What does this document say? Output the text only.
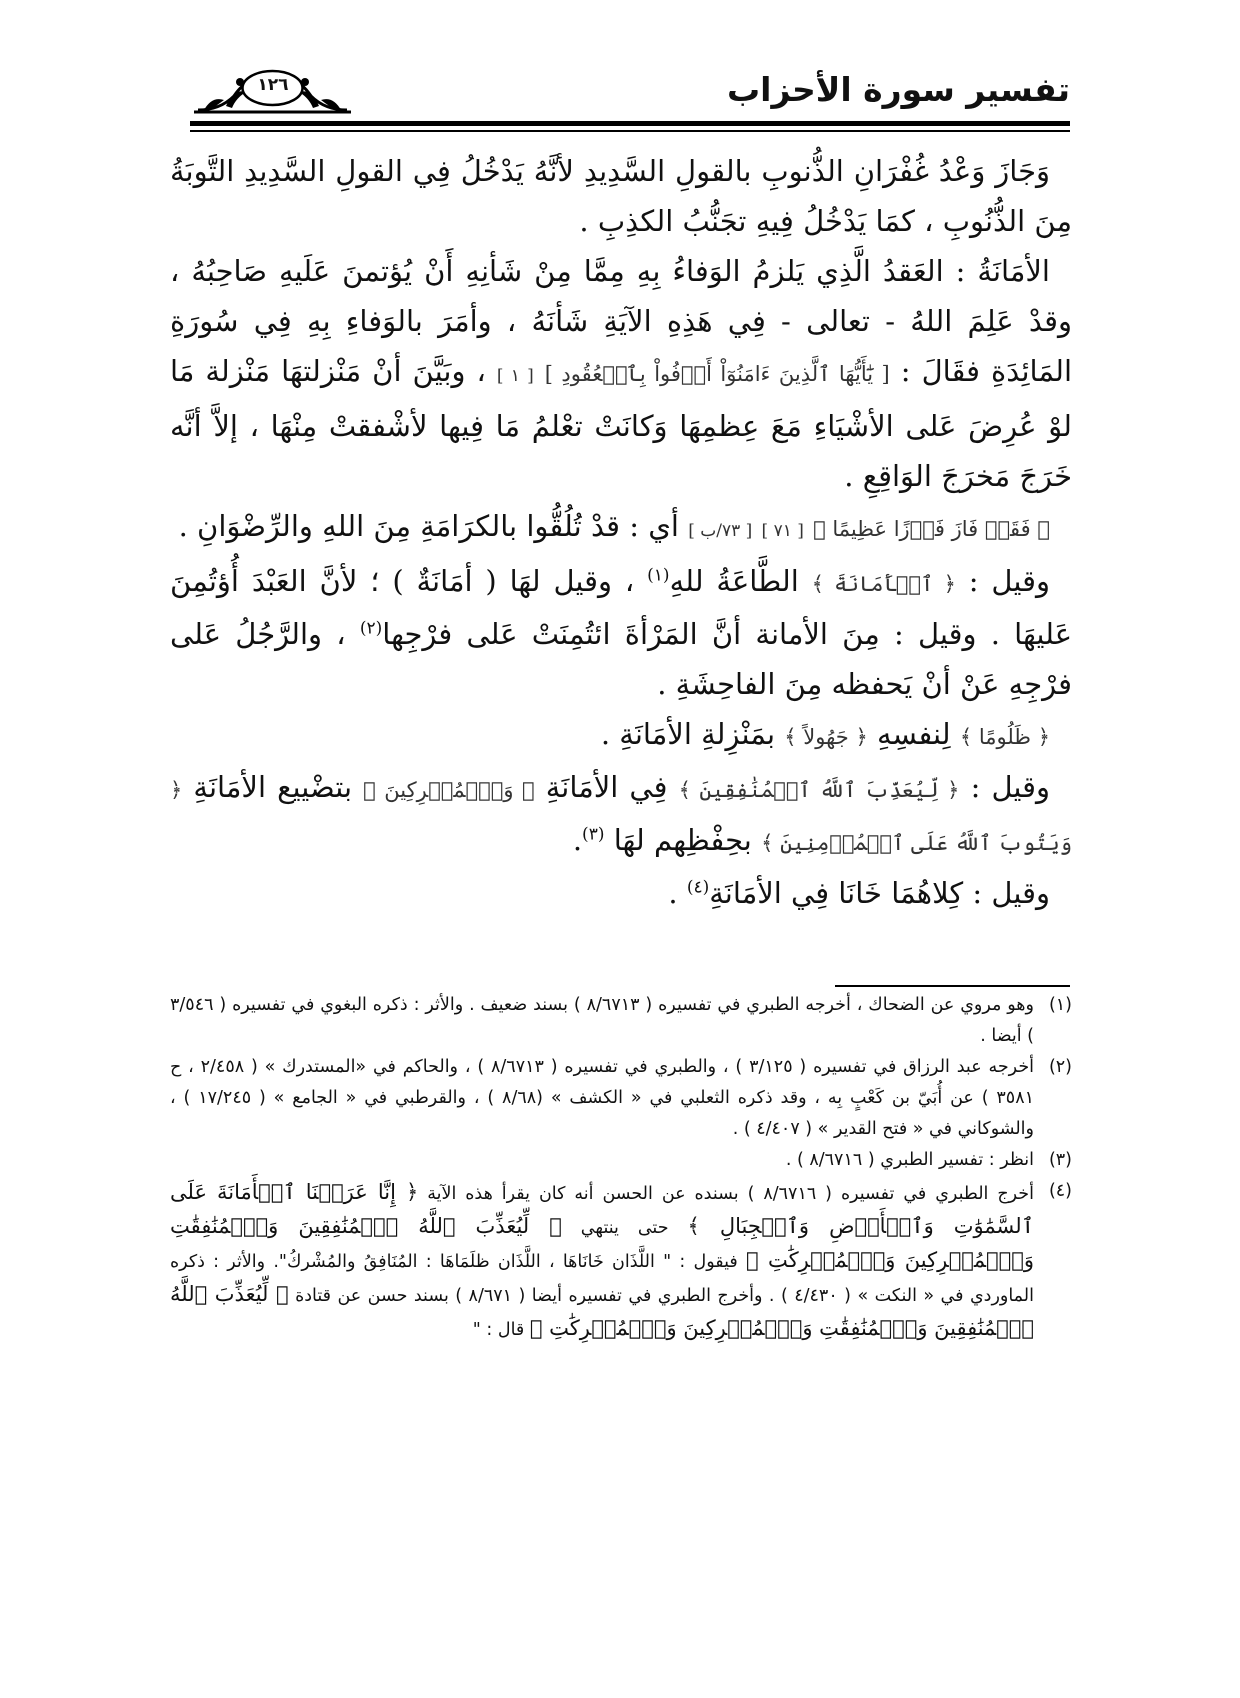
تفسير سورة الأحزاب
١٢٦

وَجَازَ وَعْدُ غُفْرَانِ الذُّنوبِ بالقولِ السَّدِيدِ لأنَّهُ يَدْخُلُ فِي القولِ السَّدِيدِ التَّوبَةُ مِنَ الذُّنُوبِ ، كمَا يَدْخُلُ فِيهِ تجَنُّبُ الكذِبِ .

الأمَانَةُ : العَقدُ الَّذِي يَلزمُ الوَفاءُ بِهِ مِمَّا مِنْ شَأنِهِ أَنْ يُؤتمنَ عَلَيهِ صَاحِبُهُ ، وقدْ عَلِمَ اللهُ - تعالى - فِي هَذِهِ الآيَةِ شَأنَهُ ، وأمَرَ بالوَفاءِ بِهِ فِي سُورَةِ المَائِدَةِ فقَالَ : [ يَٰٓأَيُّهَا ٱلَّذِينَ ءَامَنُوٓاْ أَوۡفُواْ بِٱلۡعُقُودِ ] [ ١ ] ، وبَيَّنَ أنْ مَنْزلتهَا مَنْزلة مَا لوْ عُرِضَ عَلى الأشْيَاءِ مَعَ عِظمِهَا وَكانَتْ تعْلمُ مَا فِيها لأشْفقتْ مِنْهَا ، إلاَّ أنَّه خَرَجَ مَخرَجَ الوَاقِعِ .

﴿ فَقَدۡ فَازَ فَوۡزًا عَظِيمًا ﴾ [ ٧١ ] [ ٧٣/ب ] أي : قدْ تُلُقُّوا بالكرَامَةِ مِنَ اللهِ والرِّضْوَانِ .

وقيل : ﴿ ٱلۡأَمَانَةَ ﴾ الطَّاعَةُ للهِ$^{(١)}$ ، وقيل لهَا ( أمَانَةٌ ) ؛ لأنَّ العَبْدَ أُؤتُمِنَ عَليهَا . وقيل : مِنَ الأمانة أنَّ المَرْأةَ ائتُمِنَتْ عَلى فرْجِها$^{(٢)}$ ، والرَّجُلُ عَلى فرْجِهِ عَنْ أنْ يَحفظه مِنَ الفاحِشَةِ .

﴿ ظَلُومًا ﴾ لِنفسِهِ ﴿ جَهُولاً ﴾ بمَنْزِلةِ الأمَانَةِ .

وقيل : ﴿ لِّيُعَذِّبَ ٱللَّهُ ٱلۡمُنَٰفِقِينَ ﴾ فِي الأمَانَةِ ﴿ وَٱلۡمُشۡرِكِينَ ﴾ بتضْييع الأمَانَةِ ﴿ وَيَتُوبَ ٱللَّهُ عَلَى ٱلۡمُؤۡمِنِينَ ﴾ بحِفْظِهم لهَا $^{(٣)}$.

وقيل : كِلاهُمَا خَانَا فِي الأمَانَةِ$^{(٤)}$ .

(١)
وهو مروي عن الضحاك ، أخرجه الطبري في تفسيره ( ٨/٦٧١٣ ) بسند ضعيف . والأثر : ذكره البغوي في تفسيره ( ٣/٥٤٦ ) أيضا .
(٢)
أخرجه عبد الرزاق في تفسيره ( ٣/١٢٥ ) ، والطبري في تفسيره ( ٨/٦٧١٣ ) ، والحاكم في «المستدرك » ( ٢/٤٥٨ ، ح ٣٥٨١ ) عن أُبَيّ بن كَعْبٍ بِه ، وقد ذكره الثعلبي في « الكشف » (٨/٦٨ ) ، والقرطبي في « الجامع » ( ١٧/٢٤٥ ) ، والشوكاني في « فتح القدير » ( ٤/٤٠٧ ) .
(٣)
انظر : تفسير الطبري ( ٨/٦٧١٦ ) .
(٤)
أخرج الطبري في تفسيره ( ٨/٦٧١٦ ) بسنده عن الحسن أنه كان يقرأ هذه الآية ﴿ إِنَّا عَرَضۡنَا ٱلۡأَمَانَةَ عَلَى ٱلسَّمَٰوَٰتِ وَٱلۡأَرۡضِ وَٱلۡجِبَالِ ﴾ حتى ينتهي ﴿ لِّيُعَذِّبَ ٱللَّهُ ٱلۡمُنَٰفِقِينَ وَٱلۡمُنَٰفِقَٰتِ وَٱلۡمُشۡرِكِينَ وَٱلۡمُشۡرِكَٰتِ ﴾ فيقول : " اللَّذَان خَانَاهَا ، اللَّذَان ظلَمَاهَا : المُنَافِقُ والمُشْركُ". والأثر : ذكره الماوردي في « النكت » ( ٤/٤٣٠ ) . وأخرج الطبري في تفسيره أيضا ( ٨/٦٧١ ) بسند حسن عن قتادة ﴿ لِّيُعَذِّبَ ٱللَّهُ ٱلۡمُنَٰفِقِينَ وَٱلۡمُنَٰفِقَٰتِ وَٱلۡمُشۡرِكِينَ وَٱلۡمُشۡرِكَٰتِ ﴾ قال : "
